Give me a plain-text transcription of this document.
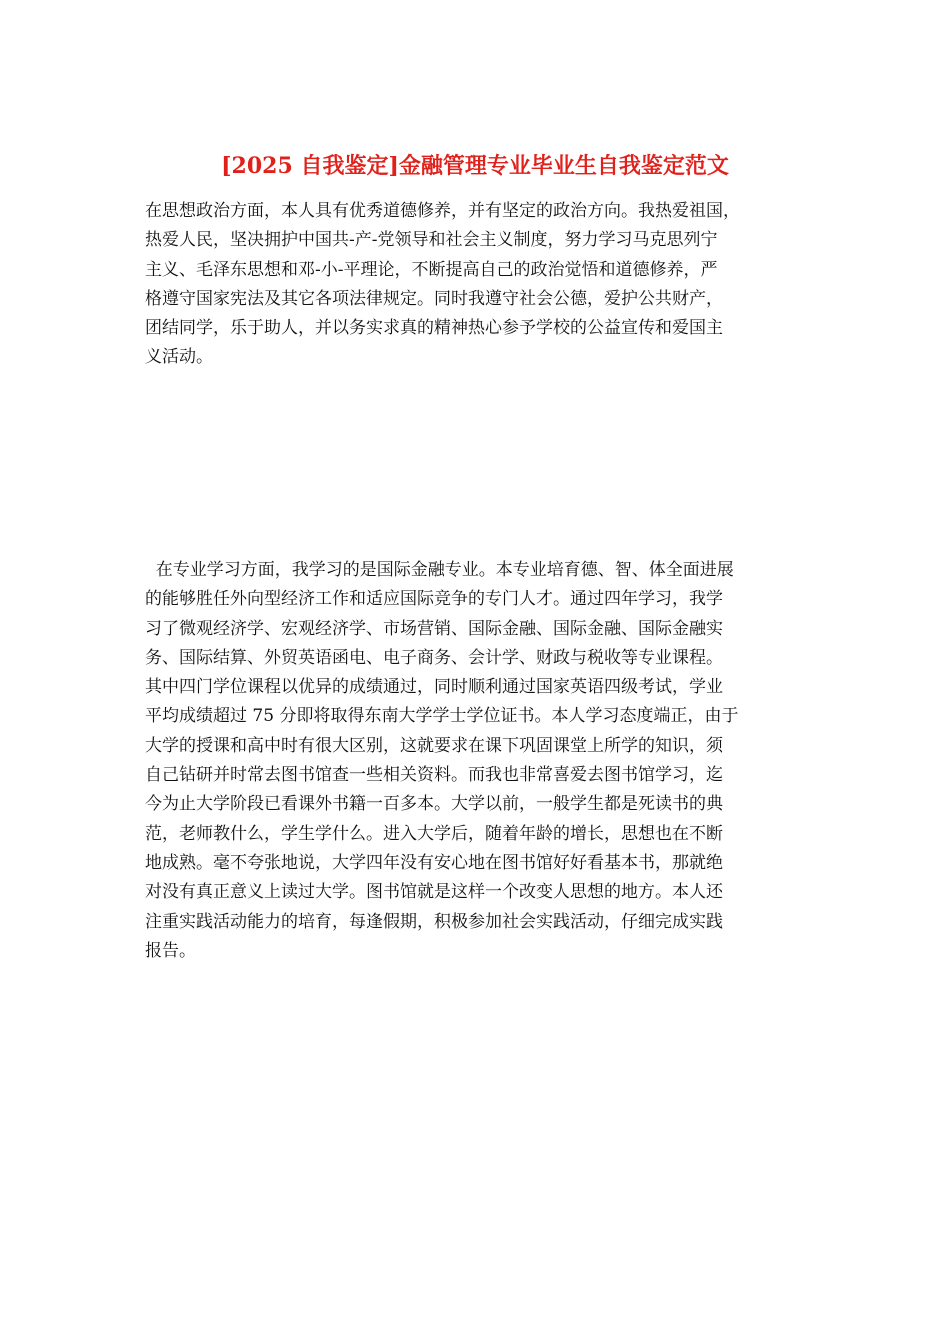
[2025 自我鉴定]金融管理专业毕业生自我鉴定范文
在思想政治方面，本人具有优秀道德修养，并有坚定的政治方向。我热爱祖国，
热爱人民，坚决拥护中国共-产-党领导和社会主义制度，努力学习马克思列宁
主义、毛泽东思想和邓-小-平理论，不断提高自己的政治觉悟和道德修养，严
格遵守国家宪法及其它各项法律规定。同时我遵守社会公德，爱护公共财产，
团结同学，乐于助人，并以务实求真的精神热心参予学校的公益宣传和爱国主
义活动。
在专业学习方面，我学习的是国际金融专业。本专业培育德、智、体全面进展
的能够胜任外向型经济工作和适应国际竞争的专门人才。通过四年学习，我学
习了微观经济学、宏观经济学、市场营销、国际金融、国际金融、国际金融实
务、国际结算、外贸英语函电、电子商务、会计学、财政与税收等专业课程。
其中四门学位课程以优异的成绩通过，同时顺利通过国家英语四级考试，学业
平均成绩超过 75 分即将取得东南大学学士学位证书。本人学习态度端正，由于
大学的授课和高中时有很大区别，这就要求在课下巩固课堂上所学的知识，须
自己钻研并时常去图书馆查一些相关资料。而我也非常喜爱去图书馆学习，迄
今为止大学阶段已看课外书籍一百多本。大学以前，一般学生都是死读书的典
范，老师教什么，学生学什么。进入大学后，随着年龄的增长，思想也在不断
地成熟。毫不夸张地说，大学四年没有安心地在图书馆好好看基本书，那就绝
对没有真正意义上读过大学。图书馆就是这样一个改变人思想的地方。本人还
注重实践活动能力的培育，每逢假期，积极参加社会实践活动，仔细完成实践
报告。
